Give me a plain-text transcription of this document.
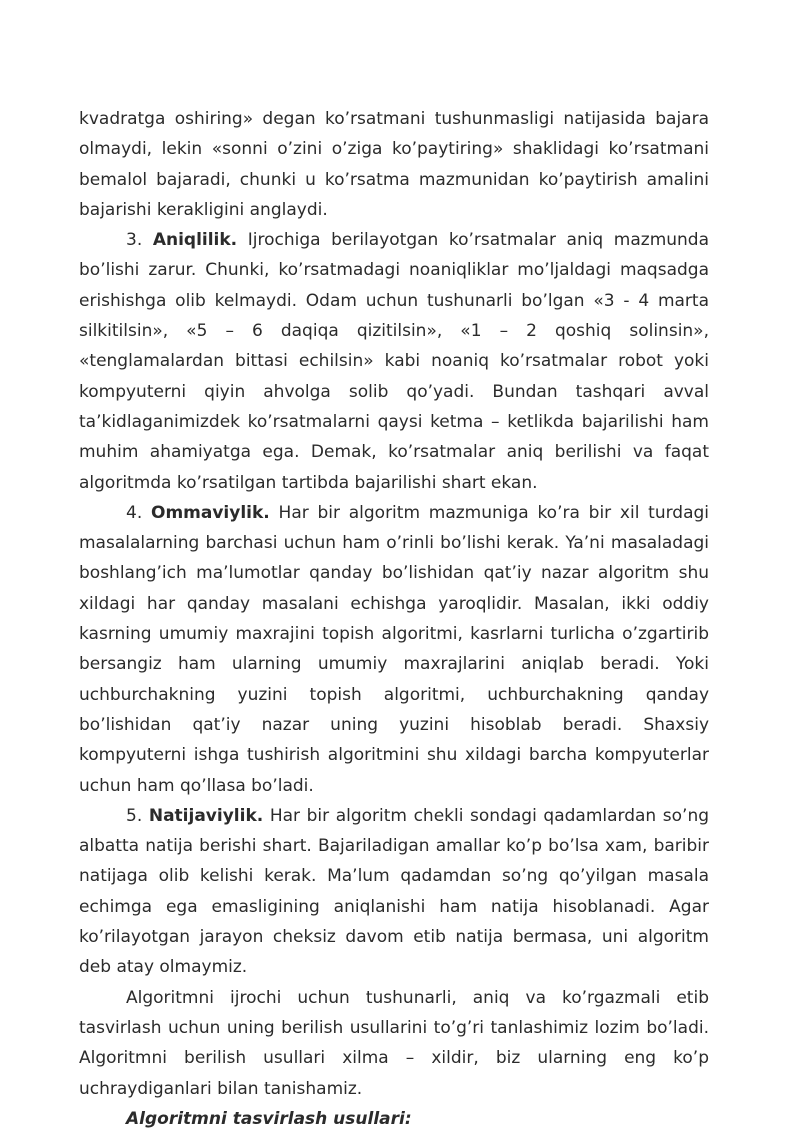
kvadratga oshiring» degan ko’rsatmani tushunmasligi natijasida bajara olmaydi, lekin «sonni o’zini o’ziga ko’paytiring» shaklidagi ko’rsatmani bemalol bajaradi, chunki u ko’rsatma mazmunidan ko’paytirish amalini bajarishi kerakligini anglaydi.

3. Aniqlilik. Ijrochiga berilayotgan ko’rsatmalar aniq mazmunda bo’lishi zarur. Chunki, ko’rsatmadagi noaniqliklar mo’ljaldagi maqsadga erishishga olib kelmaydi. Odam uchun tushunarli bo’lgan «3 - 4 marta silkitilsin», «5 – 6 daqiqa qizitilsin», «1 – 2 qoshiq solinsin», «tenglamalardan bittasi echilsin» kabi noaniq ko’rsatmalar robot yoki kompyuterni qiyin ahvolga solib qo’yadi. Bundan tashqari avval ta’kidlaganimizdek ko’rsatmalarni qaysi ketma – ketlikda bajarilishi ham muhim ahamiyatga ega. Demak, ko’rsatmalar aniq berilishi va faqat algoritmda ko’rsatilgan tartibda bajarilishi shart ekan.

4. Ommaviylik. Har bir algoritm mazmuniga ko’ra bir xil turdagi masalalarning barchasi uchun ham o’rinli bo’lishi kerak. Ya’ni masaladagi boshlang’ich ma’lumotlar qanday bo’lishidan qat’iy nazar algoritm shu xildagi har qanday masalani echishga yaroqlidir. Masalan, ikki oddiy kasrning umumiy maxrajini topish algoritmi, kasrlarni turlicha o’zgartirib bersangiz ham ularning umumiy maxrajlarini aniqlab beradi. Yoki uchburchakning yuzini topish algoritmi, uchburchakning qanday bo’lishidan qat’iy nazar uning yuzini hisoblab beradi. Shaxsiy kompyuterni ishga tushirish algoritmini shu xildagi barcha kompyuterlar uchun ham qo’llasa bo’ladi.

5. Natijaviylik. Har bir algoritm chekli sondagi qadamlardan so’ng albatta natija berishi shart. Bajariladigan amallar ko’p bo’lsa xam, baribir natijaga olib kelishi kerak. Ma’lum qadamdan so’ng qo’yilgan masala echimga ega emasligining aniqlanishi ham natija hisoblanadi. Agar ko’rilayotgan jarayon cheksiz davom etib natija bermasa, uni algoritm deb atay olmaymiz.

Algoritmni ijrochi uchun tushunarli, aniq va ko’rgazmali etib tasvirlash uchun uning berilish usullarini to’g’ri tanlashimiz lozim bo’ladi. Algoritmni berilish usullari xilma – xildir, biz ularning eng ko’p uchraydiganlari bilan tanishamiz.

Algoritmni tasvirlash usullari:
